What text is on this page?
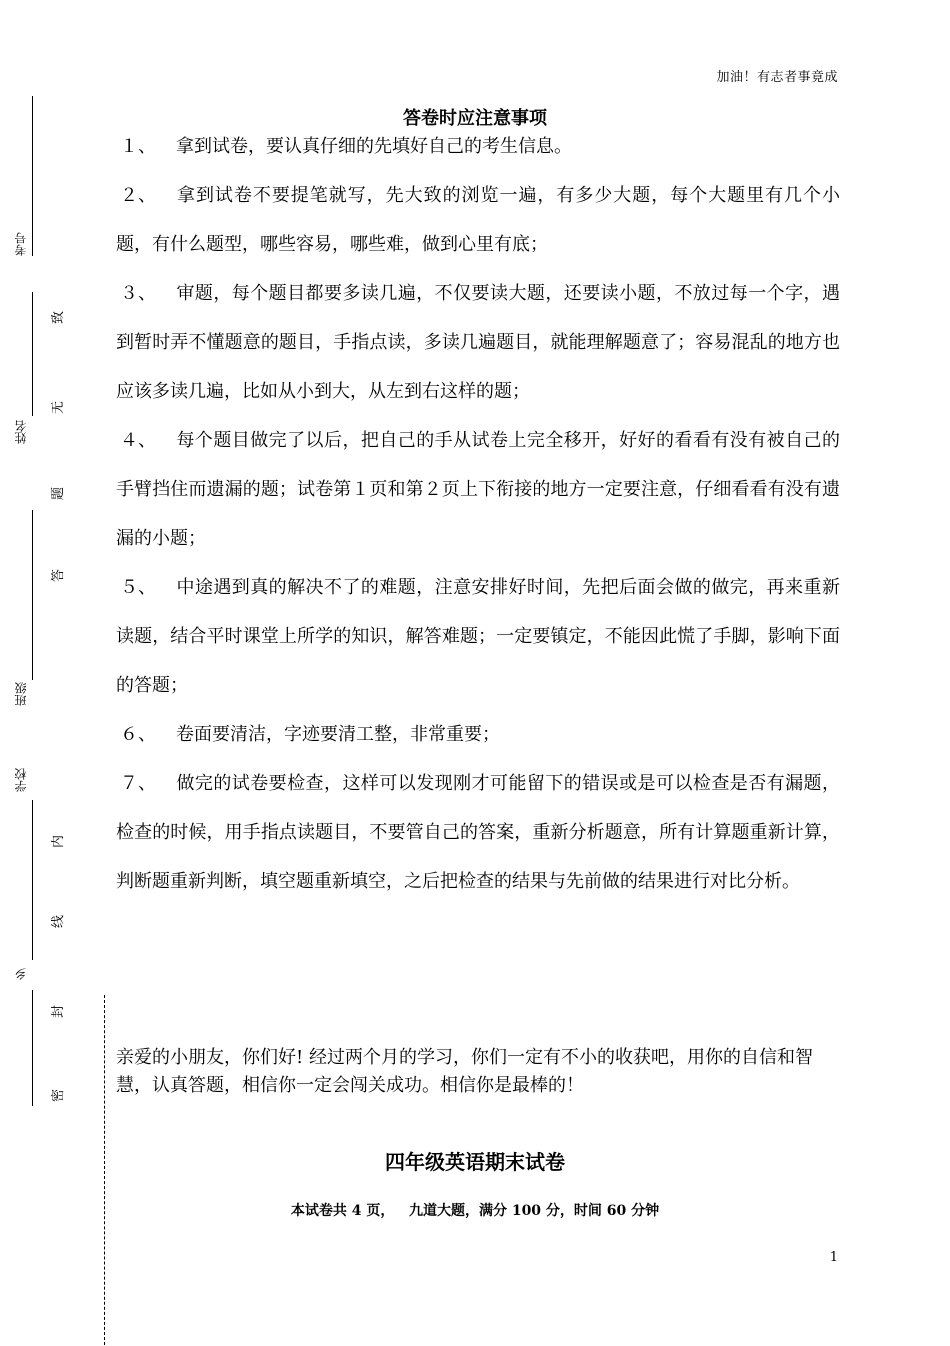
加油！有志者事竟成
考号
姓名
班级
学校
乡
致
无
题
答
内
线
封
密
答卷时应注意事项
１、 拿到试卷，要认真仔细的先填好自己的考生信息。
２、 拿到试卷不要提笔就写，先大致的浏览一遍，有多少大题，每个大题里有几个小题，有什么题型，哪些容易，哪些难，做到心里有底；
３、 审题，每个题目都要多读几遍，不仅要读大题，还要读小题，不放过每一个字，遇到暂时弄不懂题意的题目，手指点读，多读几遍题目，就能理解题意了；容易混乱的地方也应该多读几遍，比如从小到大，从左到右这样的题；
４、 每个题目做完了以后，把自己的手从试卷上完全移开，好好的看看有没有被自己的手臂挡住而遗漏的题；试卷第１页和第２页上下衔接的地方一定要注意，仔细看看有没有遗漏的小题；
５、 中途遇到真的解决不了的难题，注意安排好时间，先把后面会做的做完，再来重新读题，结合平时课堂上所学的知识，解答难题；一定要镇定，不能因此慌了手脚，影响下面的答题；
６、 卷面要清洁，字迹要清工整，非常重要；
７、 做完的试卷要检查，这样可以发现刚才可能留下的错误或是可以检查是否有漏题，检查的时候，用手指点读题目，不要管自己的答案，重新分析题意，所有计算题重新计算，判断题重新判断，填空题重新填空，之后把检查的结果与先前做的结果进行对比分析。
亲爱的小朋友，你们好! 经过两个月的学习，你们一定有不小的收获吧，用你的自信和智慧，认真答题，相信你一定会闯关成功。相信你是最棒的！
四年级英语期末试卷
本试卷共 4 页，   九道大题，满分 100 分，时间 60 分钟
1
